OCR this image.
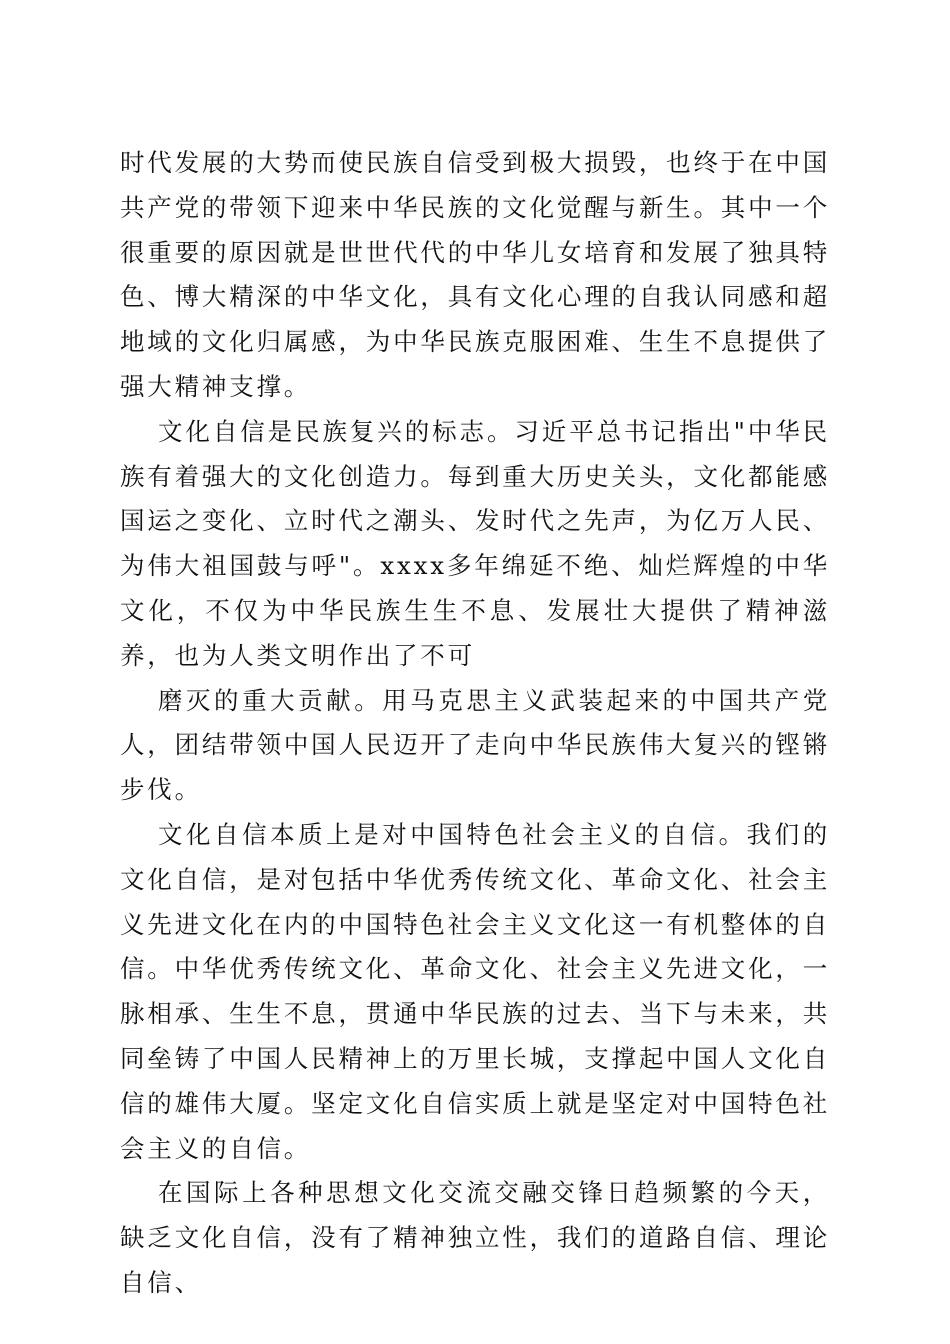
时代发展的大势而使民族自信受到极大损毁，也终于在中国共产党的带领下迎来中华民族的文化觉醒与新生。其中一个很重要的原因就是世世代代的中华儿女培育和发展了独具特色、博大精深的中华文化，具有文化心理的自我认同感和超地域的文化归属感，为中华民族克服困难、生生不息提供了强大精神支撑。

文化自信是民族复兴的标志。习近平总书记指出"中华民族有着强大的文化创造力。每到重大历史关头，文化都能感国运之变化、立时代之潮头、发时代之先声，为亿万人民、为伟大祖国鼓与呼"。xxxx多年绵延不绝、灿烂辉煌的中华文化，不仅为中华民族生生不息、发展壮大提供了精神滋养，也为人类文明作出了不可

磨灭的重大贡献。用马克思主义武装起来的中国共产党人，团结带领中国人民迈开了走向中华民族伟大复兴的铿锵步伐。

文化自信本质上是对中国特色社会主义的自信。我们的文化自信，是对包括中华优秀传统文化、革命文化、社会主义先进文化在内的中国特色社会主义文化这一有机整体的自信。中华优秀传统文化、革命文化、社会主义先进文化，一脉相承、生生不息，贯通中华民族的过去、当下与未来，共同垒铸了中国人民精神上的万里长城，支撑起中国人文化自信的雄伟大厦。坚定文化自信实质上就是坚定对中国特色社会主义的自信。

在国际上各种思想文化交流交融交锋日趋频繁的今天，缺乏文化自信，没有了精神独立性，我们的道路自信、理论自信、
